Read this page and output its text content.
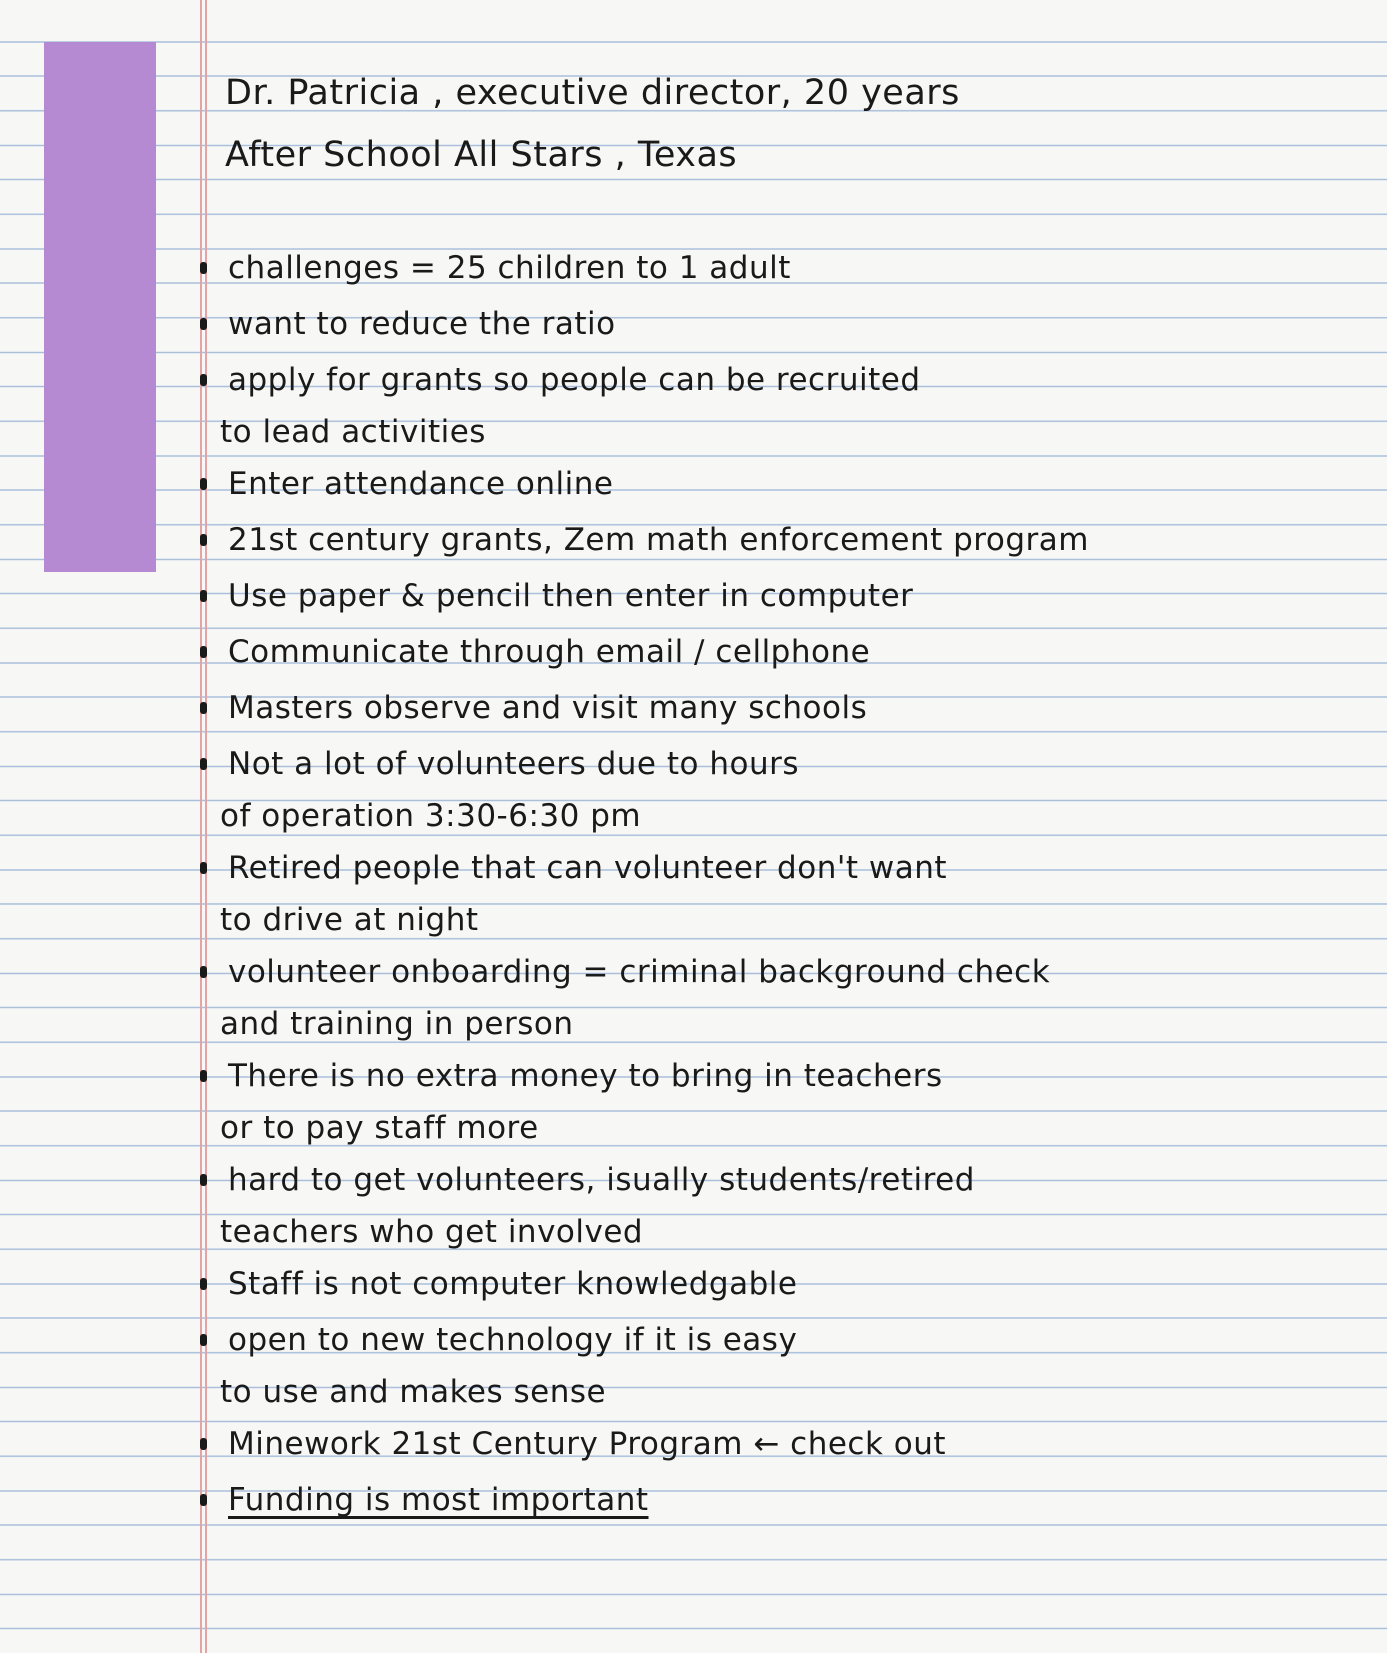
Dr. Patricia , executive director, 20 years
After School All Stars , Texas
challenges = 25 children to 1 adult
want to reduce the ratio
apply for grants so people can be recruited
to lead activities
Enter attendance online
21st century grants, Zem math enforcement program
Use paper & pencil then enter in computer
Communicate through email / cellphone
Masters observe and visit many schools
Not a lot of volunteers due to hours
of operation 3:30-6:30 pm
Retired people that can volunteer don't want
to drive at night
volunteer onboarding = criminal background check
and training in person
There is no extra money to bring in teachers
or to pay staff more
hard to get volunteers, isually students/retired
teachers who get involved
Staff is not computer knowledgable
open to new technology if it is easy
to use and makes sense
Minework 21st Century Program ← check out
Funding is most important
